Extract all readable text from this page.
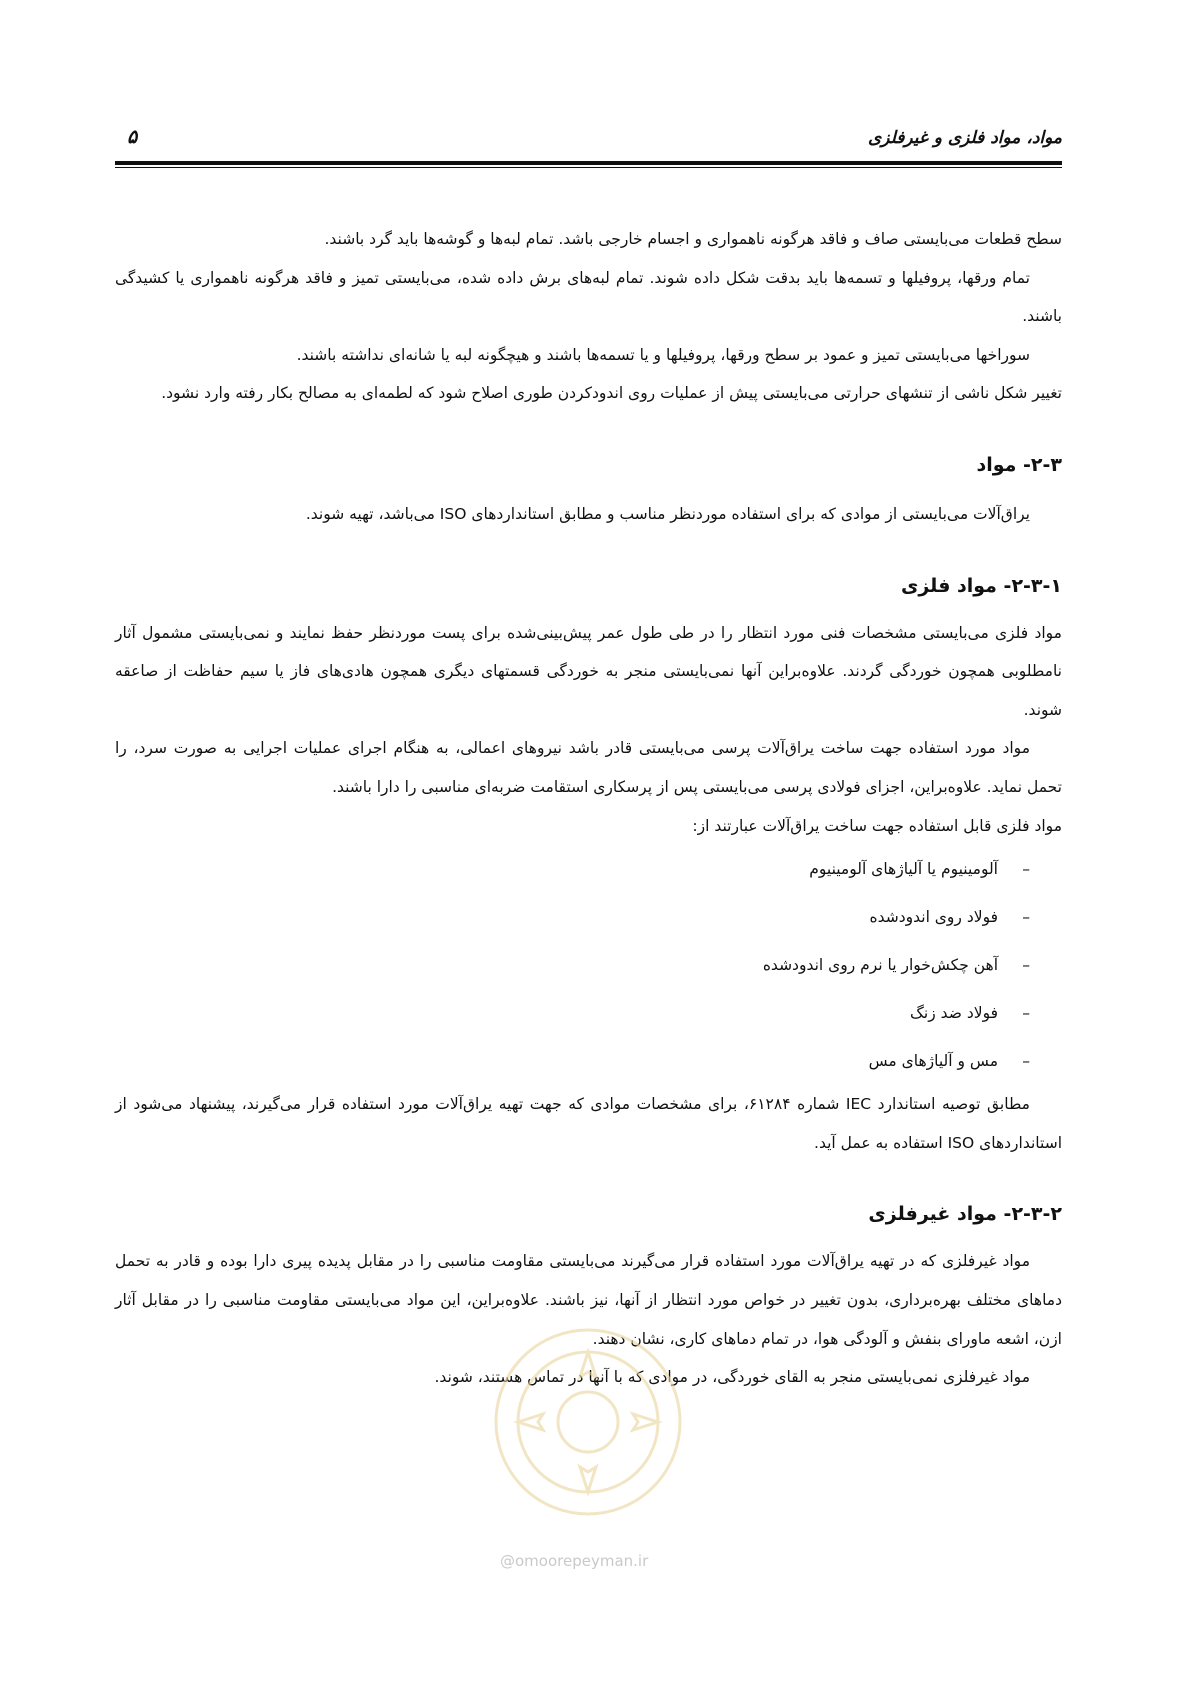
مواد، مواد فلزی و غیرفلزی
۵

سطح قطعات می‌بایستی صاف و فاقد هرگونه ناهمواری و اجسام خارجی باشد. تمام لبه‌ها و گوشه‌ها باید گرد باشند.

تمام ورقها، پروفیلها و تسمه‌ها باید بدقت شکل داده شوند. تمام لبه‌های برش داده شده، می‌بایستی تمیز و فاقد هرگونه ناهمواری یا کشیدگی باشند.

سوراخها می‌بایستی تمیز و عمود بر سطح ورقها، پروفیلها و یا تسمه‌ها باشند و هیچگونه لبه یا شانه‌ای نداشته باشند.

تغییر شکل ناشی از تنشهای حرارتی می‌بایستی پیش از عملیات روی اندودکردن طوری اصلاح شود که لطمه‌ای به مصالح بکار رفته وارد نشود.

۲-۳- مواد

یراق‌آلات می‌بایستی از موادی که برای استفاده موردنظر مناسب و مطابق استانداردهای ISO می‌باشد، تهیه شوند.

۲-۳-۱- مواد فلزی

مواد فلزی می‌بایستی مشخصات فنی مورد انتظار را در طی طول عمر پیش‌بینی‌شده برای پست موردنظر حفظ نمایند و نمی‌بایستی مشمول آثار نامطلوبی همچون خوردگی گردند. علاوه‌براین آنها نمی‌بایستی منجر به خوردگی قسمتهای دیگری همچون هادی‌های فاز یا سیم حفاظت از صاعقه شوند.

مواد مورد استفاده جهت ساخت یراق‌آلات پرسی می‌بایستی قادر باشد نیروهای اعمالی، به هنگام اجرای عملیات اجرایی به صورت سرد، را تحمل نماید. علاوه‌براین، اجزای فولادی پرسی می‌بایستی پس از پرسکاری استقامت ضربه‌ای مناسبی را دارا باشند.

مواد فلزی قابل استفاده جهت ساخت یراق‌آلات عبارتند از:

–
آلومینیوم یا آلیاژهای آلومینیوم
–
فولاد روی اندودشده
–
آهن چکش‌خوار یا نرم روی اندودشده
–
فولاد ضد زنگ
–
مس و آلیاژهای مس

مطابق توصیه استاندارد IEC شماره ۶۱۲۸۴، برای مشخصات موادی که جهت تهیه یراق‌آلات مورد استفاده قرار می‌گیرند، پیشنهاد می‌شود از استانداردهای ISO استفاده به عمل آید.

۲-۳-۲- مواد غیرفلزی

مواد غیرفلزی که در تهیه یراق‌آلات مورد استفاده قرار می‌گیرند می‌بایستی مقاومت مناسبی را در مقابل پدیده پیری دارا بوده و قادر به تحمل دماهای مختلف بهره‌برداری، بدون تغییر در خواص مورد انتظار از آنها، نیز باشند. علاوه‌براین، این مواد می‌بایستی مقاومت مناسبی را در مقابل آثار ازن، اشعه ماورای بنفش و آلودگی هوا، در تمام دماهای کاری، نشان دهند.

مواد غیرفلزی نمی‌بایستی منجر به القای خوردگی، در موادی که با آنها در تماس هستند، شوند.

@omoorepeyman.ir
